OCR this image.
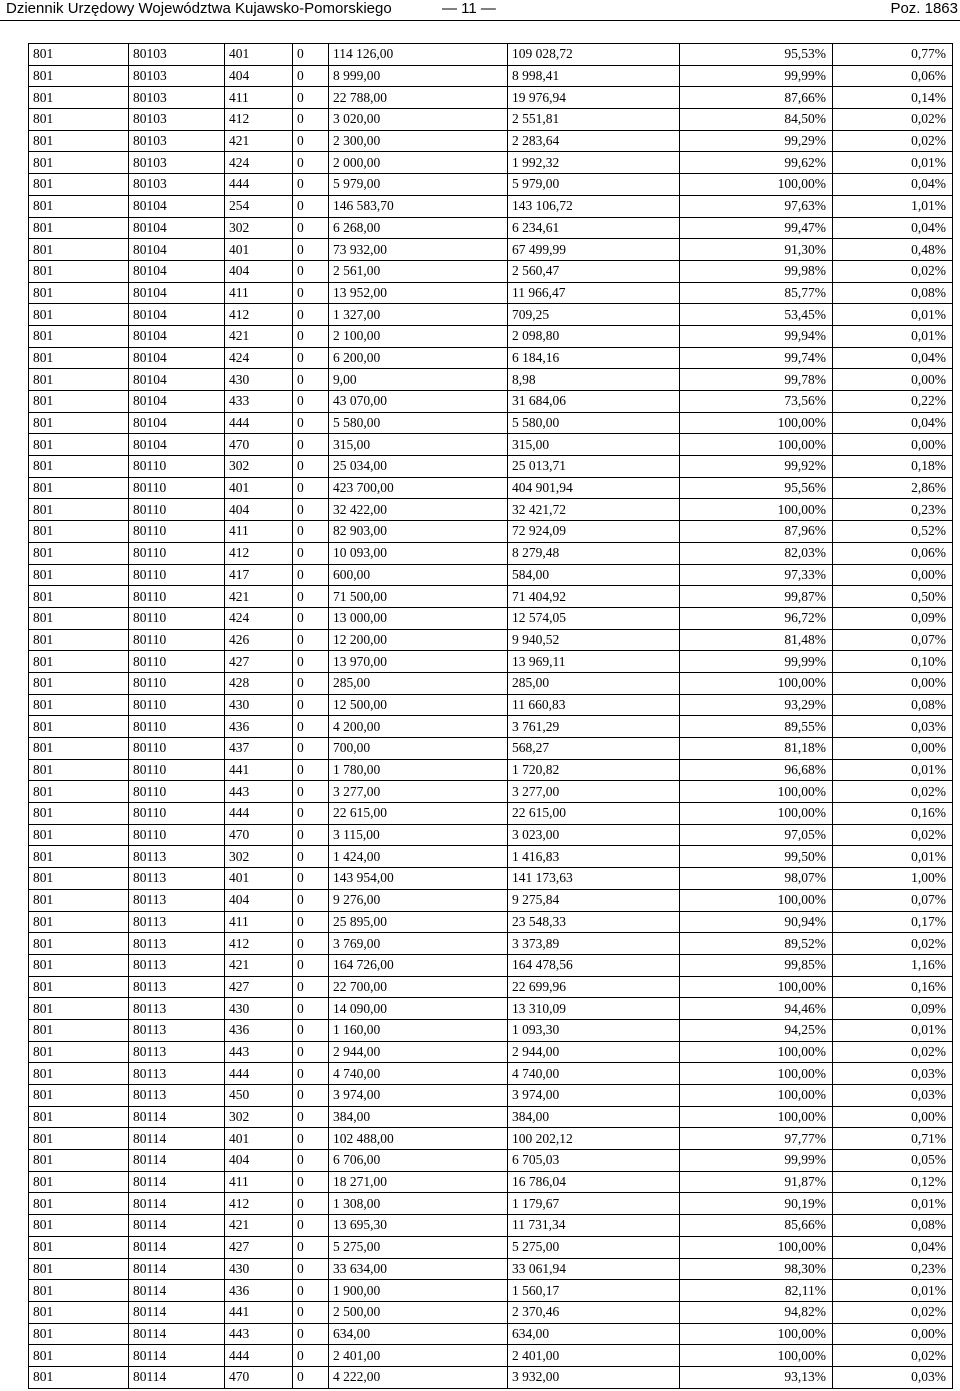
Dziennik Urzędowy Województwa Kujawsko-Pomorskiego	— 11 —	Poz. 1863
801	80103	401	0	114 126,00	109 028,72	95,53%	0,77%
801	80103	404	0	8 999,00	8 998,41	99,99%	0,06%
801	80103	411	0	22 788,00	19 976,94	87,66%	0,14%
801	80103	412	0	3 020,00	2 551,81	84,50%	0,02%
801	80103	421	0	2 300,00	2 283,64	99,29%	0,02%
801	80103	424	0	2 000,00	1 992,32	99,62%	0,01%
801	80103	444	0	5 979,00	5 979,00	100,00%	0,04%
801	80104	254	0	146 583,70	143 106,72	97,63%	1,01%
801	80104	302	0	6 268,00	6 234,61	99,47%	0,04%
801	80104	401	0	73 932,00	67 499,99	91,30%	0,48%
801	80104	404	0	2 561,00	2 560,47	99,98%	0,02%
801	80104	411	0	13 952,00	11 966,47	85,77%	0,08%
801	80104	412	0	1 327,00	709,25	53,45%	0,01%
801	80104	421	0	2 100,00	2 098,80	99,94%	0,01%
801	80104	424	0	6 200,00	6 184,16	99,74%	0,04%
801	80104	430	0	9,00	8,98	99,78%	0,00%
801	80104	433	0	43 070,00	31 684,06	73,56%	0,22%
801	80104	444	0	5 580,00	5 580,00	100,00%	0,04%
801	80104	470	0	315,00	315,00	100,00%	0,00%
801	80110	302	0	25 034,00	25 013,71	99,92%	0,18%
801	80110	401	0	423 700,00	404 901,94	95,56%	2,86%
801	80110	404	0	32 422,00	32 421,72	100,00%	0,23%
801	80110	411	0	82 903,00	72 924,09	87,96%	0,52%
801	80110	412	0	10 093,00	8 279,48	82,03%	0,06%
801	80110	417	0	600,00	584,00	97,33%	0,00%
801	80110	421	0	71 500,00	71 404,92	99,87%	0,50%
801	80110	424	0	13 000,00	12 574,05	96,72%	0,09%
801	80110	426	0	12 200,00	9 940,52	81,48%	0,07%
801	80110	427	0	13 970,00	13 969,11	99,99%	0,10%
801	80110	428	0	285,00	285,00	100,00%	0,00%
801	80110	430	0	12 500,00	11 660,83	93,29%	0,08%
801	80110	436	0	4 200,00	3 761,29	89,55%	0,03%
801	80110	437	0	700,00	568,27	81,18%	0,00%
801	80110	441	0	1 780,00	1 720,82	96,68%	0,01%
801	80110	443	0	3 277,00	3 277,00	100,00%	0,02%
801	80110	444	0	22 615,00	22 615,00	100,00%	0,16%
801	80110	470	0	3 115,00	3 023,00	97,05%	0,02%
801	80113	302	0	1 424,00	1 416,83	99,50%	0,01%
801	80113	401	0	143 954,00	141 173,63	98,07%	1,00%
801	80113	404	0	9 276,00	9 275,84	100,00%	0,07%
801	80113	411	0	25 895,00	23 548,33	90,94%	0,17%
801	80113	412	0	3 769,00	3 373,89	89,52%	0,02%
801	80113	421	0	164 726,00	164 478,56	99,85%	1,16%
801	80113	427	0	22 700,00	22 699,96	100,00%	0,16%
801	80113	430	0	14 090,00	13 310,09	94,46%	0,09%
801	80113	436	0	1 160,00	1 093,30	94,25%	0,01%
801	80113	443	0	2 944,00	2 944,00	100,00%	0,02%
801	80113	444	0	4 740,00	4 740,00	100,00%	0,03%
801	80113	450	0	3 974,00	3 974,00	100,00%	0,03%
801	80114	302	0	384,00	384,00	100,00%	0,00%
801	80114	401	0	102 488,00	100 202,12	97,77%	0,71%
801	80114	404	0	6 706,00	6 705,03	99,99%	0,05%
801	80114	411	0	18 271,00	16 786,04	91,87%	0,12%
801	80114	412	0	1 308,00	1 179,67	90,19%	0,01%
801	80114	421	0	13 695,30	11 731,34	85,66%	0,08%
801	80114	427	0	5 275,00	5 275,00	100,00%	0,04%
801	80114	430	0	33 634,00	33 061,94	98,30%	0,23%
801	80114	436	0	1 900,00	1 560,17	82,11%	0,01%
801	80114	441	0	2 500,00	2 370,46	94,82%	0,02%
801	80114	443	0	634,00	634,00	100,00%	0,00%
801	80114	444	0	2 401,00	2 401,00	100,00%	0,02%
801	80114	470	0	4 222,00	3 932,00	93,13%	0,03%
